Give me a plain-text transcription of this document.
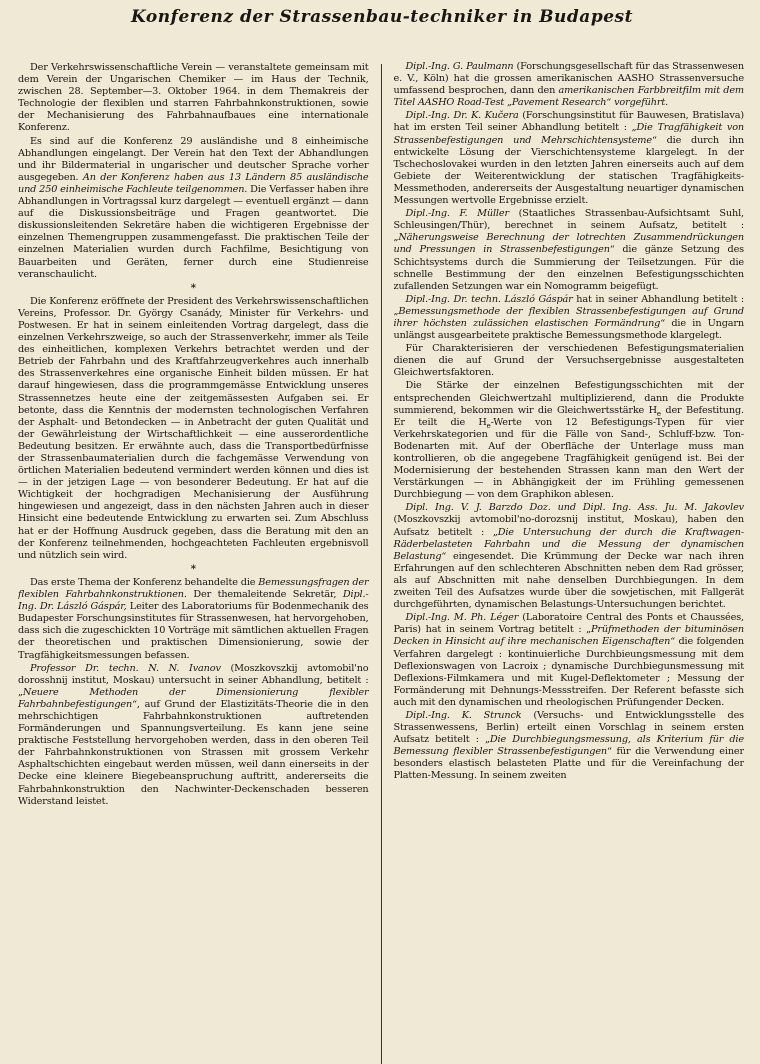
Konferenz der Strassenbau-techniker in Budapest

Der Verkehrswissenschaftliche Verein — veranstaltete gemeinsam mit dem Verein der Ungarischen Chemiker — im Haus der Technik, zwischen 28. September—3. Oktober 1964. in dem Themakreis der Technologie der flexiblen und starren Fahrbahnkonstruktionen, sowie der Mechanisierung des Fahrbahnaufbaues eine internationale Konferenz.

Es sind auf die Konferenz 29 ausländishe und 8 einheimische Abhandlungen eingelangt. Der Verein hat den Text der Abhandlungen und ihr Bildermaterial in ungarischer und deutscher Sprache vorher ausgegeben. An der Konferenz haben aus 13 Ländern 85 ausländische und 250 einheimische Fachleute teilgenommen. Die Verfasser haben ihre Abhandlungen in Vortragssal kurz dargelegt — eventuell ergänzt — dann auf die Diskussionsbeiträge und Fragen geantwortet. Die diskussionsleitenden Sekretäre haben die wichtigeren Ergebnisse der einzelnen Themengruppen zusammengefasst. Die praktischen Teile der einzelnen Materialien wurden durch Fachfilme, Besichtigung von Bauarbeiten und Geräten, ferner durch eine Studienreise veranschaulicht.

*

Die Konferenz eröffnete der President des Verkehrswissenschaftlichen Vereins, Professor. Dr. György Csanády, Minister für Verkehrs- und Postwesen. Er hat in seinem einleitenden Vortrag dargelegt, dass die einzelnen Verkehrszweige, so auch der Strassenverkehr, immer als Teile des einheitlichen, komplexen Verkehrs betrachtet werden und der Betrieb der Fahrbahn und des Kraftfahrzeugverkehres auch innerhalb des Strassenverkehres eine organische Einheit bilden müssen. Er hat darauf hingewiesen, dass die programmgemässe Entwicklung unseres Strassennetzes heute eine der zeitgemässesten Aufgaben sei. Er betonte, dass die Kenntnis der modernsten technologischen Verfahren der Asphalt- und Betondecken — in Anbetracht der guten Qualität und der Gewährleistung der Wirtschaftlichkeit — eine ausserordentliche Bedeutung besitzen. Er erwähnte auch, dass die Transportbedürfnisse der Strassenbaumaterialien durch die fachgemässe Verwendung von örtlichen Materialien bedeutend vermindert werden können und dies ist — in der jetzigen Lage — von besonderer Bedeutung. Er hat auf die Wichtigkeit der hochgradigen Mechanisierung der Ausführung hingewiesen und angezeigt, dass in den nächsten Jahren auch in dieser Hinsicht eine bedeutende Entwicklung zu erwarten sei. Zum Abschluss hat er der Hoffnung Ausdruck gegeben, dass die Beratung mit den an der Konferenz teilnehmenden, hochgeachteten Fachleuten ergebnisvoll und nützlich sein wird.

*

Das erste Thema der Konferenz behandelte die Bemessungsfragen der flexiblen Fahrbahnkonstruktionen. Der themaleitende Sekretär, Dipl.-Ing. Dr. László Gáspár, Leiter des Laboratoriums für Bodenmechanik des Budapester Forschungsinstitutes für Strassenwesen, hat hervorgehoben, dass sich die zugeschickten 10 Vorträge mit sämtlichen aktuellen Fragen der theoretischen und praktischen Dimensionierung, sowie der Tragfähigkeitsmessungen befassen.

Professor Dr. techn. N. N. Ivanov (Moszkovszkij avtomobil'no dorosshnij institut, Moskau) untersucht in seiner Abhandlung, betitelt : „Neuere Methoden der Dimensionierung flexibler Fahrbahnbefestigungen“, auf Grund der Elastizitäts-Theorie die in den mehrschichtigen Fahrbahnkonstruktionen auftretenden Formänderungen und Spannungsverteilung. Es kann jene seine praktische Feststellung hervorgehoben werden, dass in den oberen Teil der Fahrbahnkonstruktionen von Strassen mit grossem Verkehr Asphaltschichten eingebaut werden müssen, weil dann einerseits in der Decke eine kleinere Biegebeanspruchung auftritt, andererseits die Fahrbahnkonstruktion den Nachwinter-Deckenschaden besseren Widerstand leistet.

Dipl.-Ing. G. Paulmann (Forschungsgesellschaft für das Strassenwesen e. V., Köln) hat die grossen amerikanischen AASHO Strassenversuche umfassend besprochen, dann den amerikanischen Farbbreitfilm mit dem Titel AASHO Road-Test „Pavement Research“ vorgeführt.

Dipl.-Ing. Dr. K. Kučera (Forschungsinstitut für Bauwesen, Bratislava) hat im ersten Teil seiner Abhandlung betitelt : „Die Tragfähigkeit von Strassenbefestigungen und Mehrschichtensysteme“ die durch ihn entwickelte Lösung der Vierschichtensysteme klargelegt. In der Tschechoslovakei wurden in den letzten Jahren einerseits auch auf dem Gebiete der Weiterentwicklung der statischen Tragfähigkeits-Messmethoden, andererseits der Ausgestaltung neuartiger dynamischen Messungen wertvolle Ergebnisse erzielt.

Dipl.-Ing. F. Müller (Staatliches Strassenbau-Aufsichtsamt Suhl, Schleusingen/Thür), berechnet in seinem Aufsatz, betitelt : „Näherungsweise Berechnung der lotrechten Zusammendrückungen und Pressungen in Strassenbefestigungen“ die gänze Setzung des Schichtsystems durch die Summierung der Teilsetzungen. Für die schnelle Bestimmung der den einzelnen Befestigungsschichten zufallenden Setzungen war ein Nomogramm beigefügt.

Dipl.-Ing. Dr. techn. László Gáspár hat in seiner Abhandlung betitelt : „Bemessungsmethode der flexiblen Strassenbefestigungen auf Grund ihrer höchsten zulässichen elastischen Formändrung“ die in Ungarn unlängst ausgearbeitete praktische Bemessungsmethode klargelegt.

Für Charakterisieren der verschiedenen Befestigungsmaterialien dienen die auf Grund der Versuchsergebnisse ausgestalteten Gleichwertsfaktoren.

Die Stärke der einzelnen Befestigungsschichten mit der entsprechenden Gleichwertzahl multiplizierend, dann die Produkte summierend, bekommen wir die Gleichwertsstärke $H_e$ der Befestitung. Er teilt die $H_e$-Werte von 12 Befestigungs-Typen für vier Verkehrskategorien und für die Fälle von Sand-, Schluff-bzw. Ton-Bodenarten mit. Auf der Oberfläche der Unterlage muss man kontrollieren, ob die angegebene Tragfähigkeit genügend ist. Bei der Modernisierung der bestehenden Strassen kann man den Wert der Verstärkungen — in Abhängigkeit der im Frühling gemessenen Durchbiegung — von dem Graphikon ablesen.

Dipl. Ing. V. J. Barzdo Doz. und Dipl. Ing. Ass. Ju. M. Jakovlev (Moszkovszkij avtomobil'no-dorozsnij institut, Moskau), haben den Aufsatz betitelt : „Die Untersuchung der durch die Kraftwagen-Räderbelasteten Fahrbahn und die Messung der dynamischen Belastung“ eingesendet. Die Krümmung der Decke war nach ihren Erfahrungen auf den schlechteren Abschnitten neben dem Rad grösser, als auf Abschnitten mit nahe denselben Durchbiegungen. In dem zweiten Teil des Aufsatzes wurde über die sowjetischen, mit Fallgerät durchgeführten, dynamischen Belastungs-Untersuchungen berichtet.

Dipl.-Ing. M. Ph. Léger (Laboratoire Central des Ponts et Chaussées, Paris) hat in seinem Vortrag betitelt : „Prüfmethoden der bituminösen Decken in Hinsicht auf ihre mechanischen Eigenschaften“ die folgenden Verfahren dargelegt : kontinuierliche Durchbieungsmessung mit dem Deflexionswagen von Lacroix ; dynamische Durchbiegunsmessung mit Deflexions-Filmkamera und mit Kugel-Deflektometer ; Messung der Formänderung mit Dehnungs-Messstreifen. Der Referent befasste sich auch mit den dynamischen und rheologischen Prüfungender Decken.

Dipl.-Ing. K. Strunck (Versuchs- und Entwicklungsstelle des Strassenwessens, Berlin) erteilt einen Vorschlag in seinem ersten Aufsatz betitelt : „Die Durchbiegungsmessung, als Kriterium für die Bemessung flexibler Strassenbefestigungen“ für die Verwendung einer besonders elastisch belasteten Platte und für die Vereinfachung der Platten-Messung. In seinem zweiten
